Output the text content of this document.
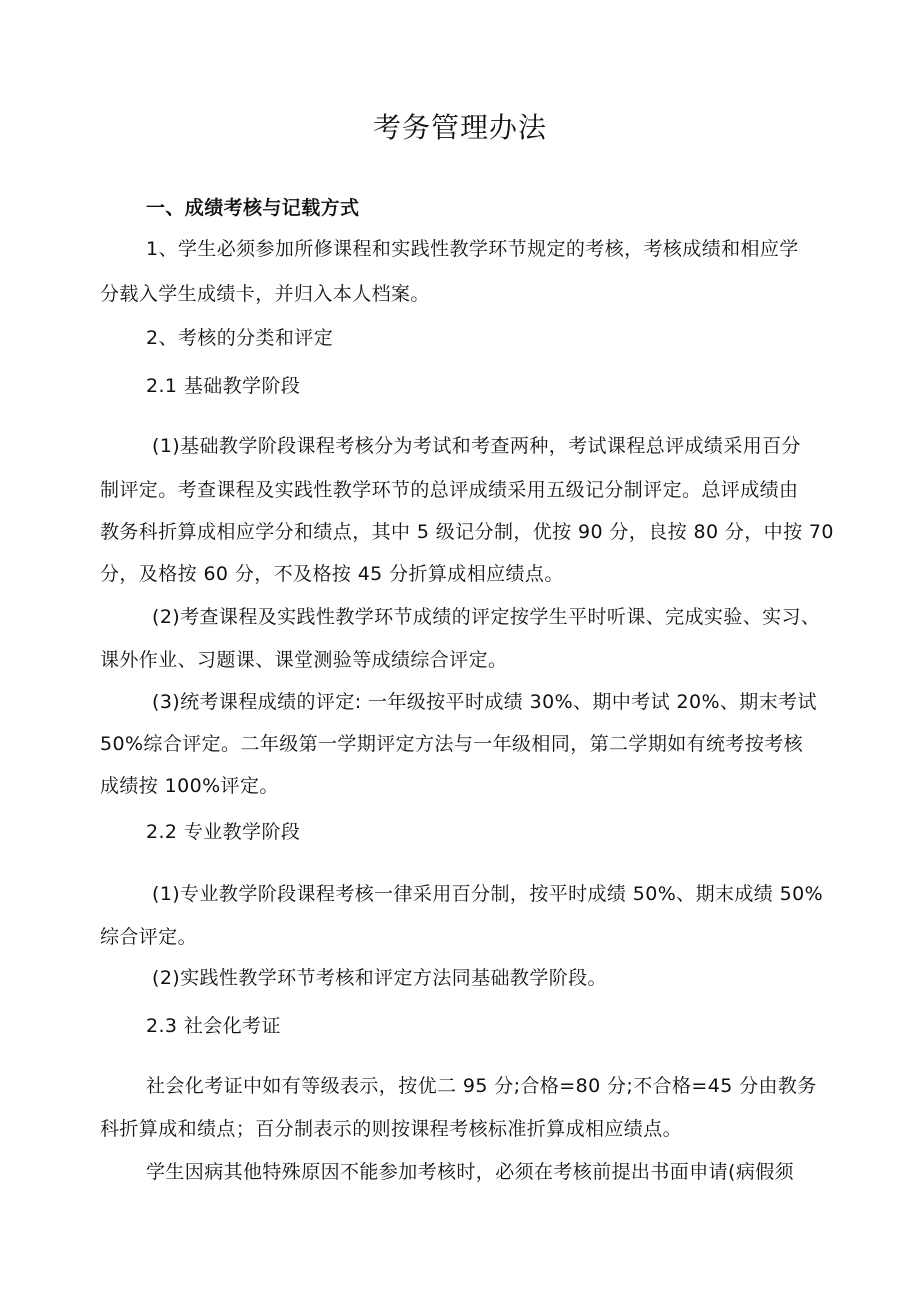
考务管理办法
一、成绩考核与记载方式
1、学生必须参加所修课程和实践性教学环节规定的考核，考核成绩和相应学
分载入学生成绩卡，并归入本人档案。
2、考核的分类和评定
2.1 基础教学阶段
(1)基础教学阶段课程考核分为考试和考查两种，考试课程总评成绩采用百分
制评定。考查课程及实践性教学环节的总评成绩采用五级记分制评定。总评成绩由
教务科折算成相应学分和绩点，其中 5 级记分制，优按 90 分，良按 80 分，中按 70
分，及格按 60 分，不及格按 45 分折算成相应绩点。
(2)考查课程及实践性教学环节成绩的评定按学生平时听课、完成实验、实习、
课外作业、习题课、课堂测验等成绩综合评定。
(3)统考课程成绩的评定: 一年级按平时成绩 30%、期中考试 20%、期末考试
50%综合评定。二年级第一学期评定方法与一年级相同，第二学期如有统考按考核
成绩按 100%评定。
2.2 专业教学阶段
(1)专业教学阶段课程考核一律采用百分制，按平时成绩 50%、期末成绩 50%
综合评定。
(2)实践性教学环节考核和评定方法同基础教学阶段。
2.3 社会化考证
社会化考证中如有等级表示，按优二 95 分;合格=80 分;不合格=45 分由教务
科折算成和绩点；百分制表示的则按课程考核标准折算成相应绩点。
学生因病其他特殊原因不能参加考核时，必须在考核前提出书面申请(病假须
